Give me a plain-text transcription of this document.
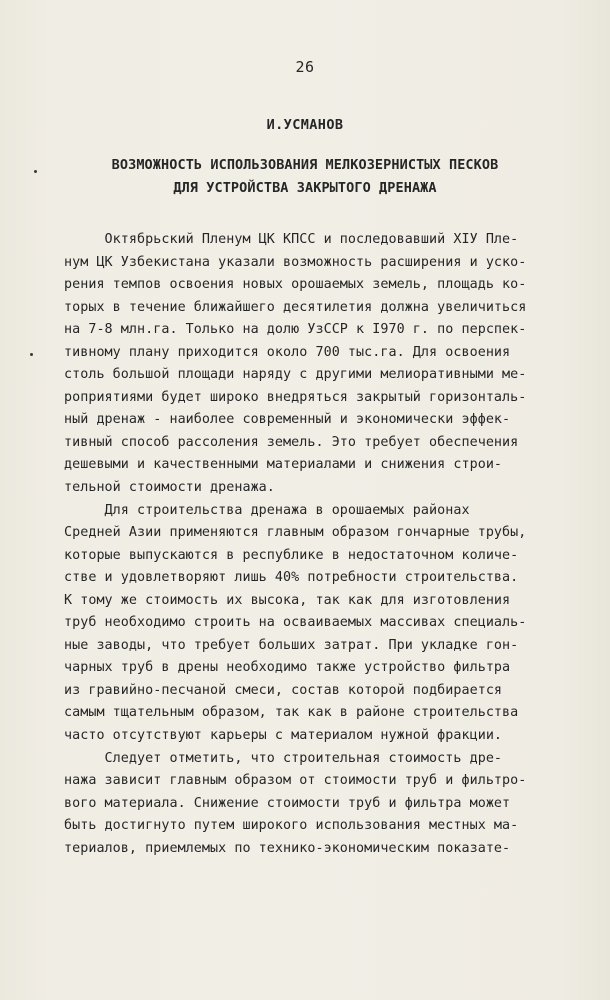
26
И.УСМАНОВ
ВОЗМОЖНОСТЬ ИСПОЛЬЗОВАНИЯ МЕЛКОЗЕРНИСТЫХ ПЕСКОВ
ДЛЯ УСТРОЙСТВА ЗАКРЫТОГО ДРЕНАЖА
Октябрьский Пленум ЦК КПСС и последовавший XIУ Пле-
нум ЦК Узбекистана указали возможность расширения и уско-
рения темпов освоения новых орошаемых земель, площадь ко-
торых в течение ближайшего десятилетия должна увеличиться
на 7-8 млн.га. Только на долю УзССР к I970 г. по перспек-
тивному плану приходится около 700 тыс.га. Для освоения
столь большой площади наряду с другими мелиоративными ме-
роприятиями будет широко внедряться закрытый горизонталь-
ный дренаж - наиболее современный и экономически эффек-
тивный способ рассоления земель. Это требует обеспечения
дешевыми и качественными материалами и снижения строи-
тельной стоимости дренажа.
Для строительства дренажа в орошаемых районах
Средней Азии применяются главным образом гончарные трубы,
которые выпускаются в республике в недостаточном количе-
стве и удовлетворяют лишь 40% потребности строительства.
К тому же стоимость их высока, так как для изготовления
труб необходимо строить на осваиваемых массивах специаль-
ные заводы, что требует больших затрат. При укладке гон-
чарных труб в дрены необходимо также устройство фильтра
из гравийно-песчаной смеси, состав которой подбирается
самым тщательным образом, так как в районе строительства
часто отсутствуют карьеры с материалом нужной фракции.
Следует отметить, что строительная стоимость дре-
нажа зависит главным образом от стоимости труб и фильтро-
вого материала. Снижение стоимости труб и фильтра может
быть достигнуто путем широкого использования местных ма-
териалов, приемлемых по технико-экономическим показате-
